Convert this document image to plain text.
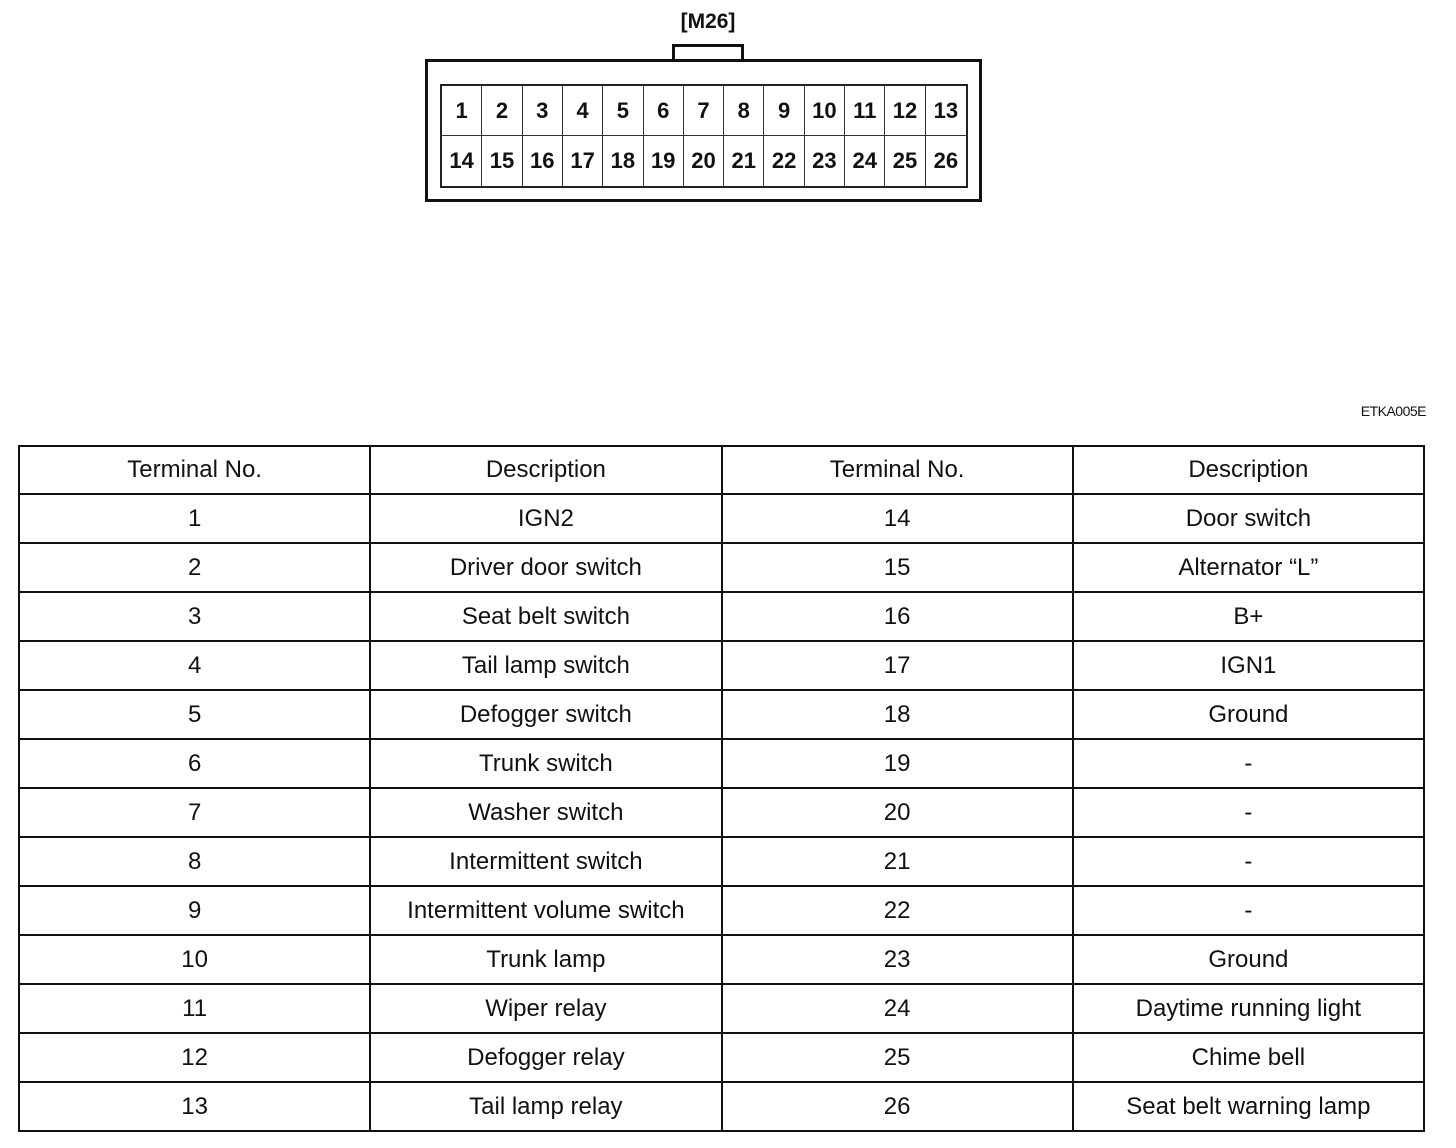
[M26]
1	2	3	4	5	6	7	8	9 10 11 12 13
14 15 16 17 18 19 20 21 22 23 24 25 26
ETKA005E
Terminal No.	Description	Terminal No.	Description
1	IGN2	14	Door switch
2	Driver door switch	15	Alternator “L”
3	Seat belt switch	16	B+
4	Tail lamp switch	17	IGN1
5	Defogger switch	18	Ground
6	Trunk switch	19	-
7	Washer switch	20	-
8	Intermittent switch	21	-
9	Intermittent volume switch	22	-
10	Trunk lamp	23	Ground
11	Wiper relay	24	Daytime running light
12	Defogger relay	25	Chime bell
13	Tail lamp relay	26	Seat belt warning lamp
